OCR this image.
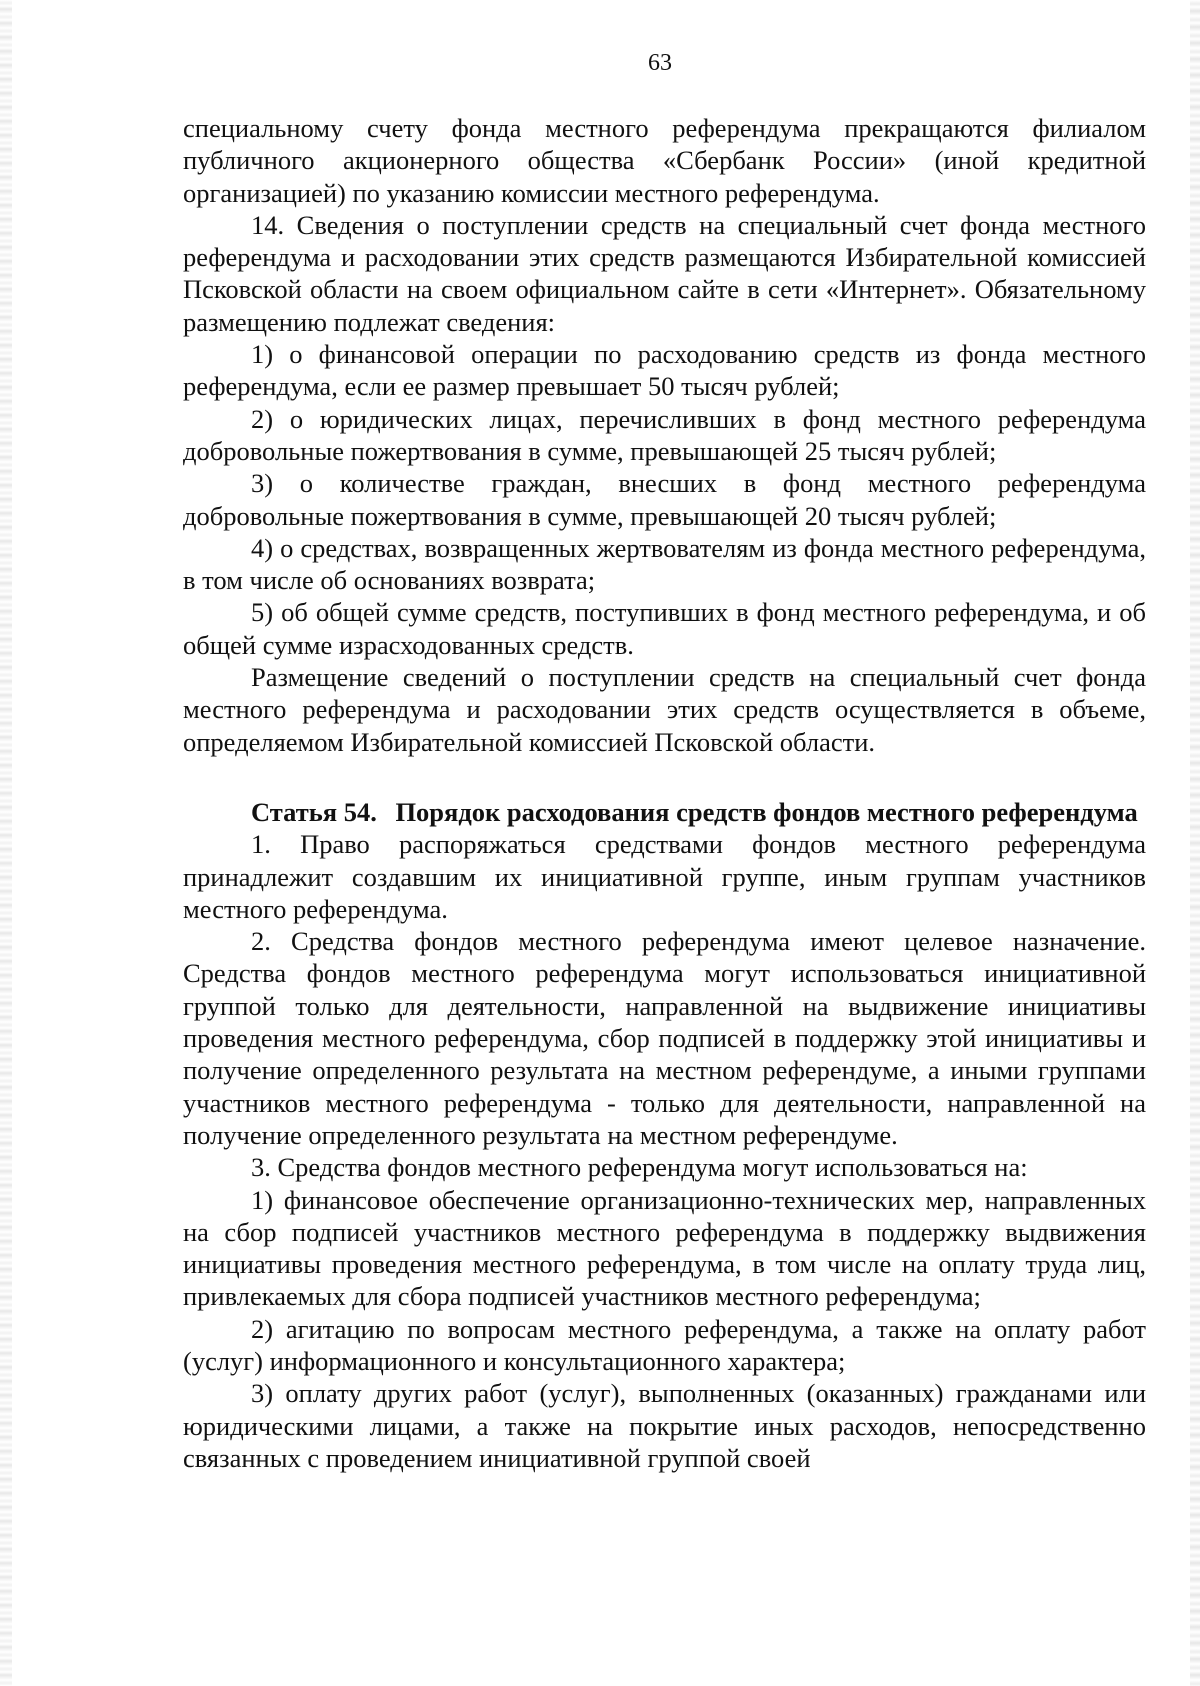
63

специальному счету фонда местного референдума прекращаются филиалом публичного акционерного общества «Сбербанк России» (иной кредитной организацией) по указанию комиссии местного референдума.

14. Сведения о поступлении средств на специальный счет фонда местного референдума и расходовании этих средств размещаются Избирательной комиссией Псковской области на своем официальном сайте в сети «Интернет». Обязательному размещению подлежат сведения:

1) о финансовой операции по расходованию средств из фонда местного референдума, если ее размер превышает 50 тысяч рублей;

2) о юридических лицах, перечисливших в фонд местного референдума добровольные пожертвования в сумме, превышающей 25 тысяч рублей;

3) о количестве граждан, внесших в фонд местного референдума добровольные пожертвования в сумме, превышающей 20 тысяч рублей;

4) о средствах, возвращенных жертвователям из фонда местного референдума, в том числе об основаниях возврата;

5) об общей сумме средств, поступивших в фонд местного референдума, и об общей сумме израсходованных средств.

Размещение сведений о поступлении средств на специальный счет фонда местного референдума и расходовании этих средств осуществляется в объеме, определяемом Избирательной комиссией Псковской области.

Статья 54. Порядок расходования средств фондов местного референдума

1. Право распоряжаться средствами фондов местного референдума принадлежит создавшим их инициативной группе, иным группам участников местного референдума.

2. Средства фондов местного референдума имеют целевое назначение. Средства фондов местного референдума могут использоваться инициативной группой только для деятельности, направленной на выдвижение инициативы проведения местного референдума, сбор подписей в поддержку этой инициативы и получение определенного результата на местном референдуме, а иными группами участников местного референдума - только для деятельности, направленной на получение определенного результата на местном референдуме.

3. Средства фондов местного референдума могут использоваться на:

1) финансовое обеспечение организационно-технических мер, направленных на сбор подписей участников местного референдума в поддержку выдвижения инициативы проведения местного референдума, в том числе на оплату труда лиц, привлекаемых для сбора подписей участников местного референдума;

2) агитацию по вопросам местного референдума, а также на оплату работ (услуг) информационного и консультационного характера;

3) оплату других работ (услуг), выполненных (оказанных) гражданами или юридическими лицами, а также на покрытие иных расходов, непосредственно связанных с проведением инициативной группой своей
